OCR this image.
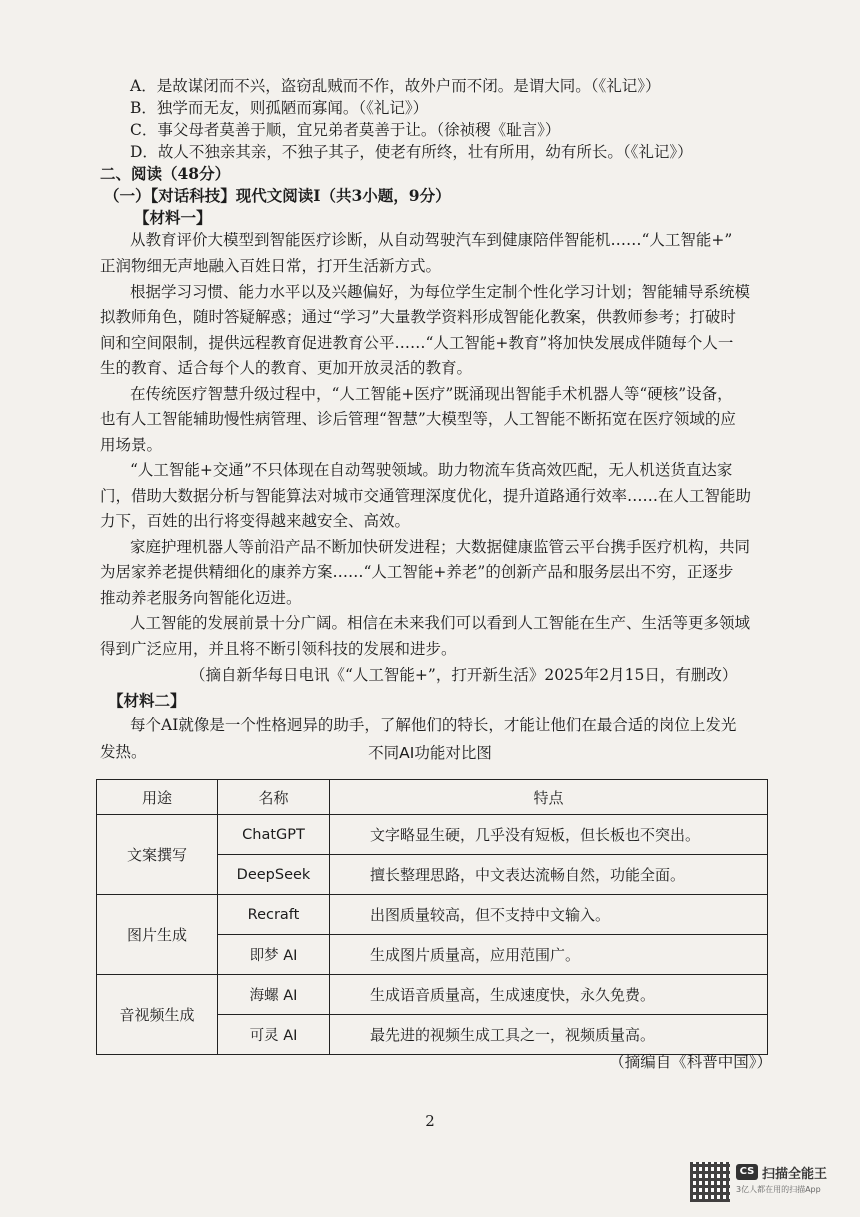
A．是故谋闭而不兴，盗窃乱贼而不作，故外户而不闭。是谓大同。（《礼记》）
B．独学而无友，则孤陋而寡闻。（《礼记》）
C．事父母者莫善于顺，宜兄弟者莫善于让。（徐祯稷《耻言》）
D．故人不独亲其亲，不独子其子，使老有所终，壮有所用，幼有所长。（《礼记》）
二、阅读（48分）
（一）【对话科技】现代文阅读Ⅰ（共3小题，9分）
【材料一】
从教育评价大模型到智能医疗诊断，从自动驾驶汽车到健康陪伴智能机……“人工智能+”
正润物细无声地融入百姓日常，打开生活新方式。
根据学习习惯、能力水平以及兴趣偏好，为每位学生定制个性化学习计划；智能辅导系统模
拟教师角色，随时答疑解惑；通过“学习”大量教学资料形成智能化教案，供教师参考；打破时
间和空间限制，提供远程教育促进教育公平……“人工智能+教育”将加快发展成伴随每个人一
生的教育、适合每个人的教育、更加开放灵活的教育。
在传统医疗智慧升级过程中，“人工智能+医疗”既涌现出智能手术机器人等“硬核”设备，
也有人工智能辅助慢性病管理、诊后管理“智慧”大模型等，人工智能不断拓宽在医疗领域的应
用场景。
“人工智能+交通”不只体现在自动驾驶领域。助力物流车货高效匹配，无人机送货直达家
门，借助大数据分析与智能算法对城市交通管理深度优化，提升道路通行效率……在人工智能助
力下，百姓的出行将变得越来越安全、高效。
家庭护理机器人等前沿产品不断加快研发进程；大数据健康监管云平台携手医疗机构，共同
为居家养老提供精细化的康养方案……“人工智能+养老”的创新产品和服务层出不穷，正逐步
推动养老服务向智能化迈进。
人工智能的发展前景十分广阔。相信在未来我们可以看到人工智能在生产、生活等更多领域
得到广泛应用，并且将不断引领科技的发展和进步。
（摘自新华每日电讯《“人工智能+”，打开新生活》2025年2月15日，有删改）
【材料二】
每个AI就像是一个性格迥异的助手，了解他们的特长，才能让他们在最合适的岗位上发光
发热。	不同AI功能对比图
用途	名称	特点
文案撰写	ChatGPT	文字略显生硬，几乎没有短板，但长板也不突出。
	DeepSeek	擅长整理思路，中文表达流畅自然，功能全面。
图片生成	Recraft	出图质量较高，但不支持中文输入。
	即梦 AI	生成图片质量高，应用范围广。
音视频生成	海螺 AI	生成语音质量高，生成速度快，永久免费。
	可灵 AI	最先进的视频生成工具之一，视频质量高。
（摘编自《科普中国》）
2
CS 扫描全能王
3亿人都在用的扫描App
